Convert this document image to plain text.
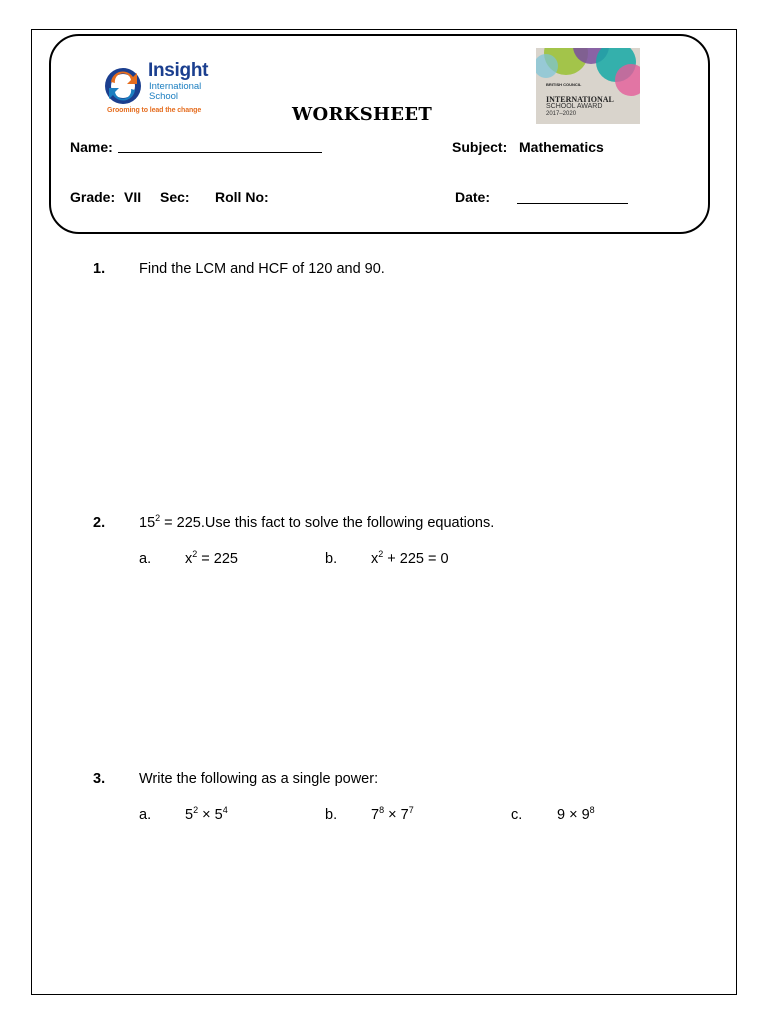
Insight
International School
Grooming to lead the change
BRITISH COUNCIL
INTERNATIONAL
SCHOOL AWARD
2017–2020
WORKSHEET
Name:	Subject: Mathematics
Grade: VII Sec: Roll No:	Date:
1. Find the LCM and HCF of 120 and 90.
2. $15^2 = 225.Use$ this fact to solve the following equations.
a. $x^2 = 225$	b. $x^2 + 225 = 0$
3. Write the following as a single power:
a. $5^2 \times 5^4$	b. $7^8 \times 7^7$	c. $9 \times 9^8$
